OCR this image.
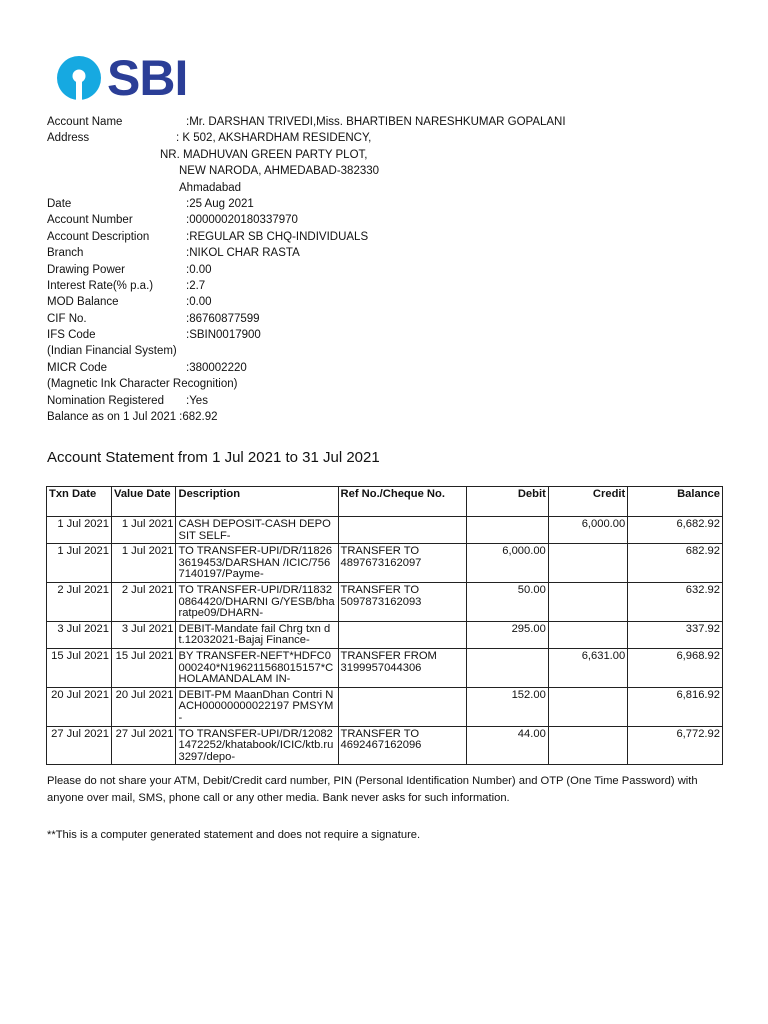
SBI
Account Name	:Mr. DARSHAN TRIVEDI,Miss. BHARTIBEN NARESHKUMAR GOPALANI
Address	: K 502, AKSHARDHAM RESIDENCY,
NR. MADHUVAN GREEN PARTY PLOT,
NEW NARODA, AHMEDABAD-382330
Ahmadabad
Date	:25 Aug 2021
Account Number	:00000020180337970
Account Description	:REGULAR SB CHQ-INDIVIDUALS
Branch	:NIKOL CHAR RASTA
Drawing Power	:0.00
Interest Rate(% p.a.)	:2.7
MOD Balance	:0.00
CIF No.	:86760877599
IFS Code	:SBIN0017900
(Indian Financial System)
MICR Code	:380002220
(Magnetic Ink Character Recognition)
Nomination Registered	:Yes
Balance as on 1 Jul 2021 :682.92
Account Statement from 1 Jul 2021 to 31 Jul 2021
Txn Date	Value Date	Description	Ref No./Cheque No.	Debit	Credit	Balance
1 Jul 2021	1 Jul 2021	CASH DEPOSIT-CASH DEPOSIT SELF-			6,000.00	6,682.92
1 Jul 2021	1 Jul 2021	TO TRANSFER-UPI/DR/118263619453/DARSHAN /ICIC/7567140197/Payme-	TRANSFER TO 4897673162097	6,000.00		682.92
2 Jul 2021	2 Jul 2021	TO TRANSFER-UPI/DR/118320864420/DHARNI G/YESB/bharatpe09/DHARN-	TRANSFER TO 5097873162093	50.00		632.92
3 Jul 2021	3 Jul 2021	DEBIT-Mandate fail Chrg txn dt.12032021-Bajaj Finance-		295.00		337.92
15 Jul 2021	15 Jul 2021	BY TRANSFER-NEFT*HDFC0000240*N196211568015157*CHOLAMANDALAM IN-	TRANSFER FROM 3199957044306		6,631.00	6,968.92
20 Jul 2021	20 Jul 2021	DEBIT-PM MaanDhan Contri NACH00000000022197 PMSYM-		152.00		6,816.92
27 Jul 2021	27 Jul 2021	TO TRANSFER-UPI/DR/120821472252/khatabook/ICIC/ktb.ru3297/depo-	TRANSFER TO 4692467162096	44.00		6,772.92
Please do not share your ATM, Debit/Credit card number, PIN (Personal Identification Number) and OTP (One Time Password) with anyone over mail, SMS, phone call or any other media. Bank never asks for such information.
**This is a computer generated statement and does not require a signature.
